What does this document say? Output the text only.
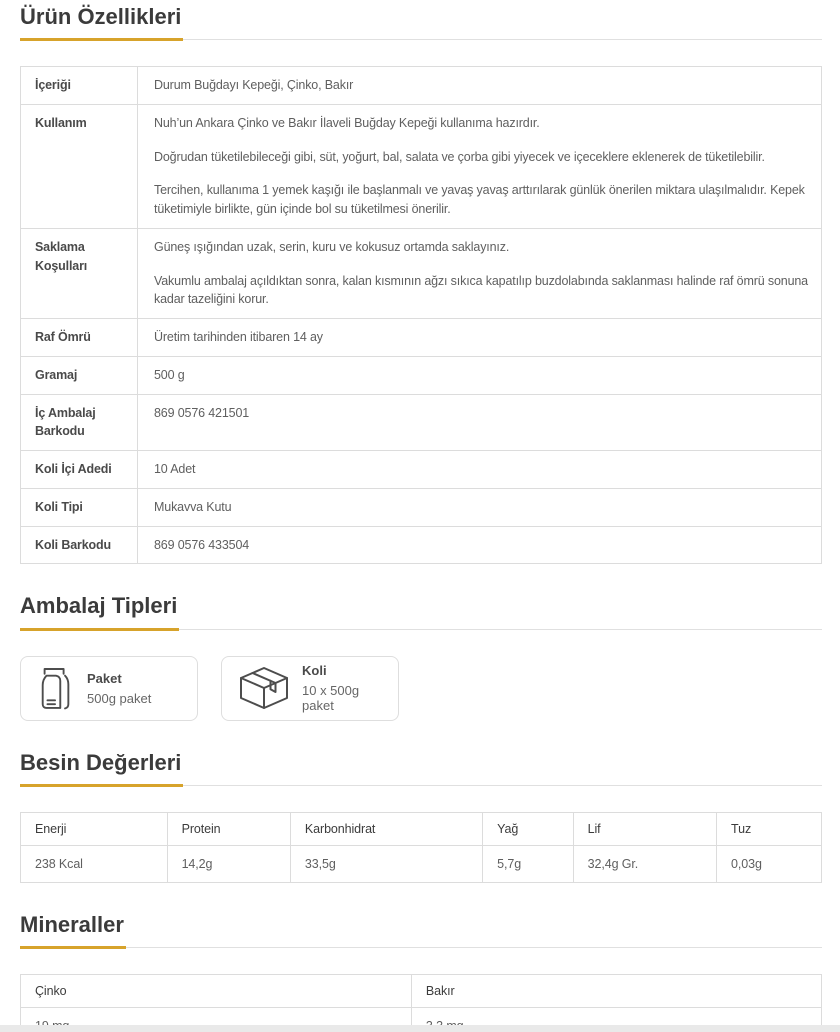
Ürün Özellikleri
İçeriği	Durum Buğdayı Kepeği, Çinko, Bakır

Kullanım	Nuh’un Ankara Çinko ve Bakır İlaveli Buğday Kepeği kullanıma hazırdır.

Doğrudan tüketilebileceği gibi, süt, yoğurt, bal, salata ve çorba gibi yiyecek ve içeceklere eklenerek de tüketilebilir.

Tercihen, kullanıma 1 yemek kaşığı ile başlanmalı ve yavaş yavaş arttırılarak günlük önerilen miktara ulaşılmalıdır. Kepek tüketimiyle birlikte, gün içinde bol su tüketilmesi önerilir.

Saklama Koşulları	Güneş ışığından uzak, serin, kuru ve kokusuz ortamda saklayınız.

Vakumlu ambalaj açıldıktan sonra, kalan kısmının ağzı sıkıca kapatılıp buzdolabında saklanması halinde raf ömrü sonuna kadar tazeliğini korur.

Raf Ömrü	Üretim tarihinden itibaren 14 ay

Gramaj	500 g

İç Ambalaj Barkodu	869 0576 421501

Koli İçi Adedi	10 Adet

Koli Tipi	Mukavva Kutu

Koli Barkodu	869 0576 433504

Ambalaj Tipleri
Paket
500g paket
Koli
10 x 500g paket
Besin Değerleri
Enerji	Protein	Karbonhidrat	Yağ	Lif	Tuz
238 Kcal	14,2g	33,5g	5,7g	32,4g Gr.	0,03g
Mineraller
Çinko	Bakır
